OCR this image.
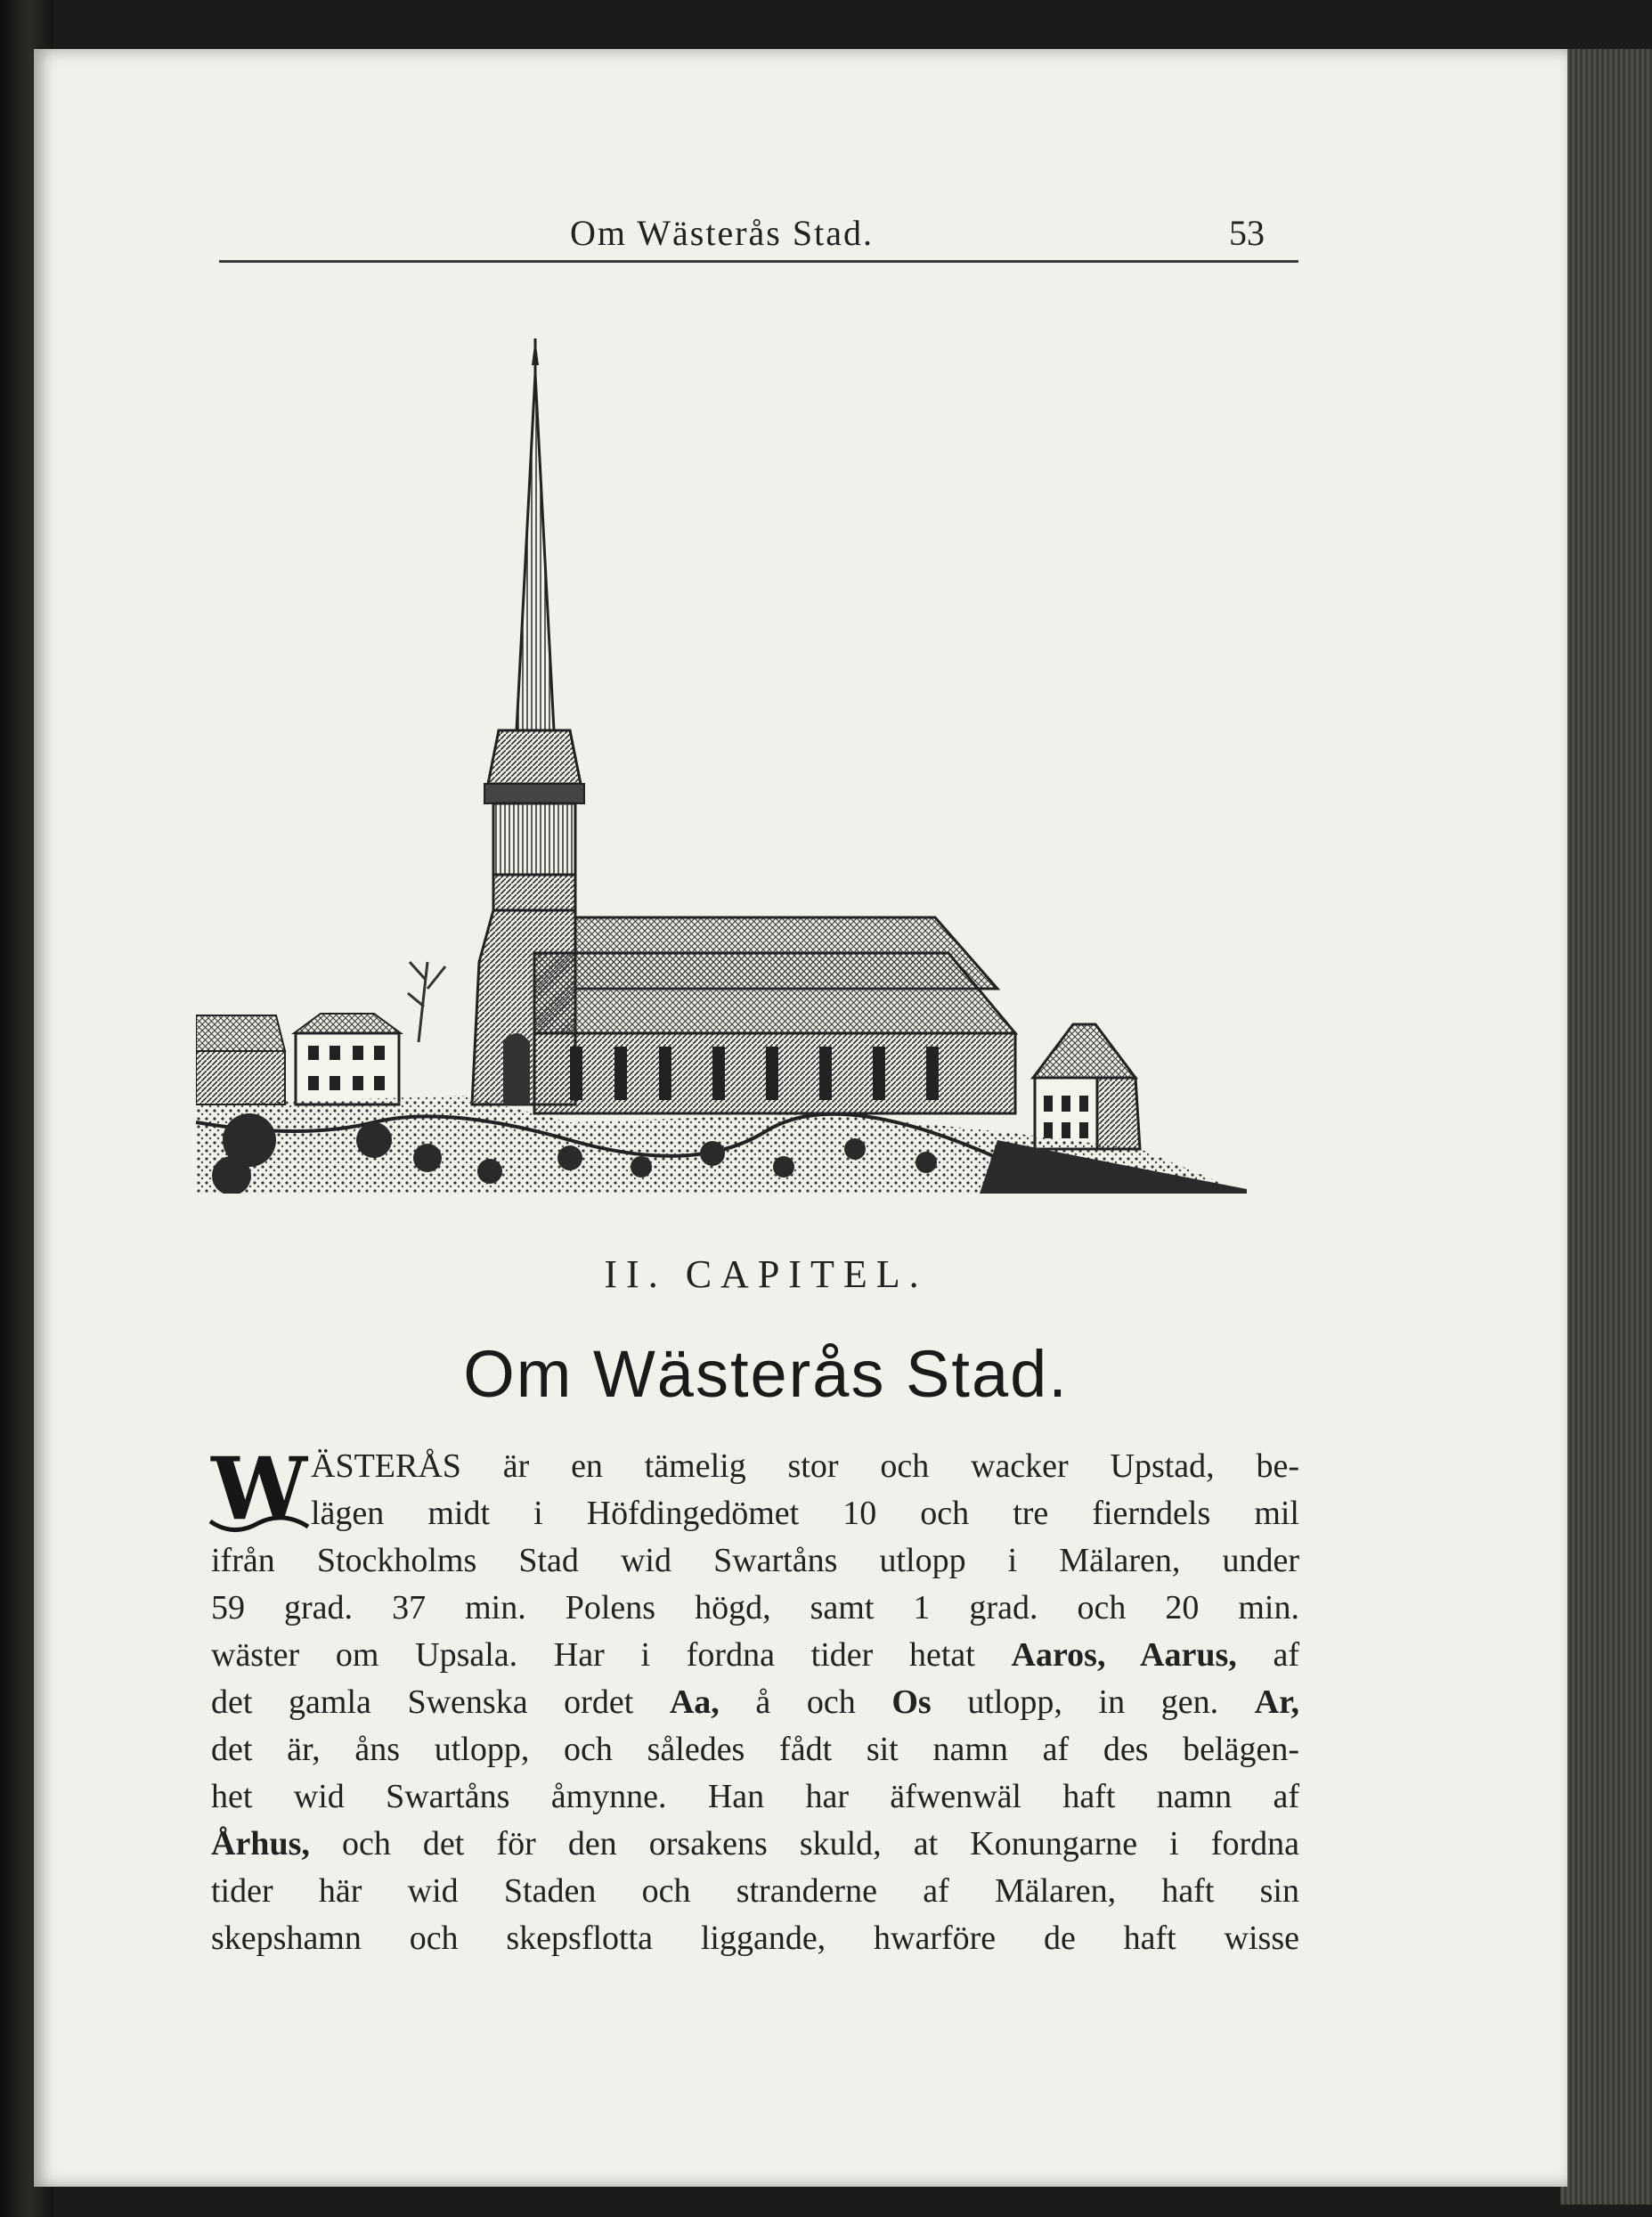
Om Wästerås Stad.	53
II. CAPITEL.
Om Wästerås Stad.
W ÄSTERÅS är en tämelig stor och wacker Upstad, be-
lägen midt i Höfdingedömet 10 och tre fierndels mil
ifrån Stockholms Stad wid Swartåns utlopp i Mälaren, under
59 grad. 37 min. Polens högd, samt 1 grad. och 20 min.
wäster om Upsala. Har i fordna tider hetat Aaros, Aarus, af
det gamla Swenska ordet Aa, å och Os utlopp, in gen. Ar,
det är, åns utlopp, och således fådt sit namn af des belägen-
het wid Swartåns åmynne. Han har äfwenwäl haft namn af
Århus, och det för den orsakens skuld, at Konungarne i fordna
tider här wid Staden och stranderne af Mälaren, haft sin
skepshamn och skepsflotta liggande, hwarföre de haft wisse
